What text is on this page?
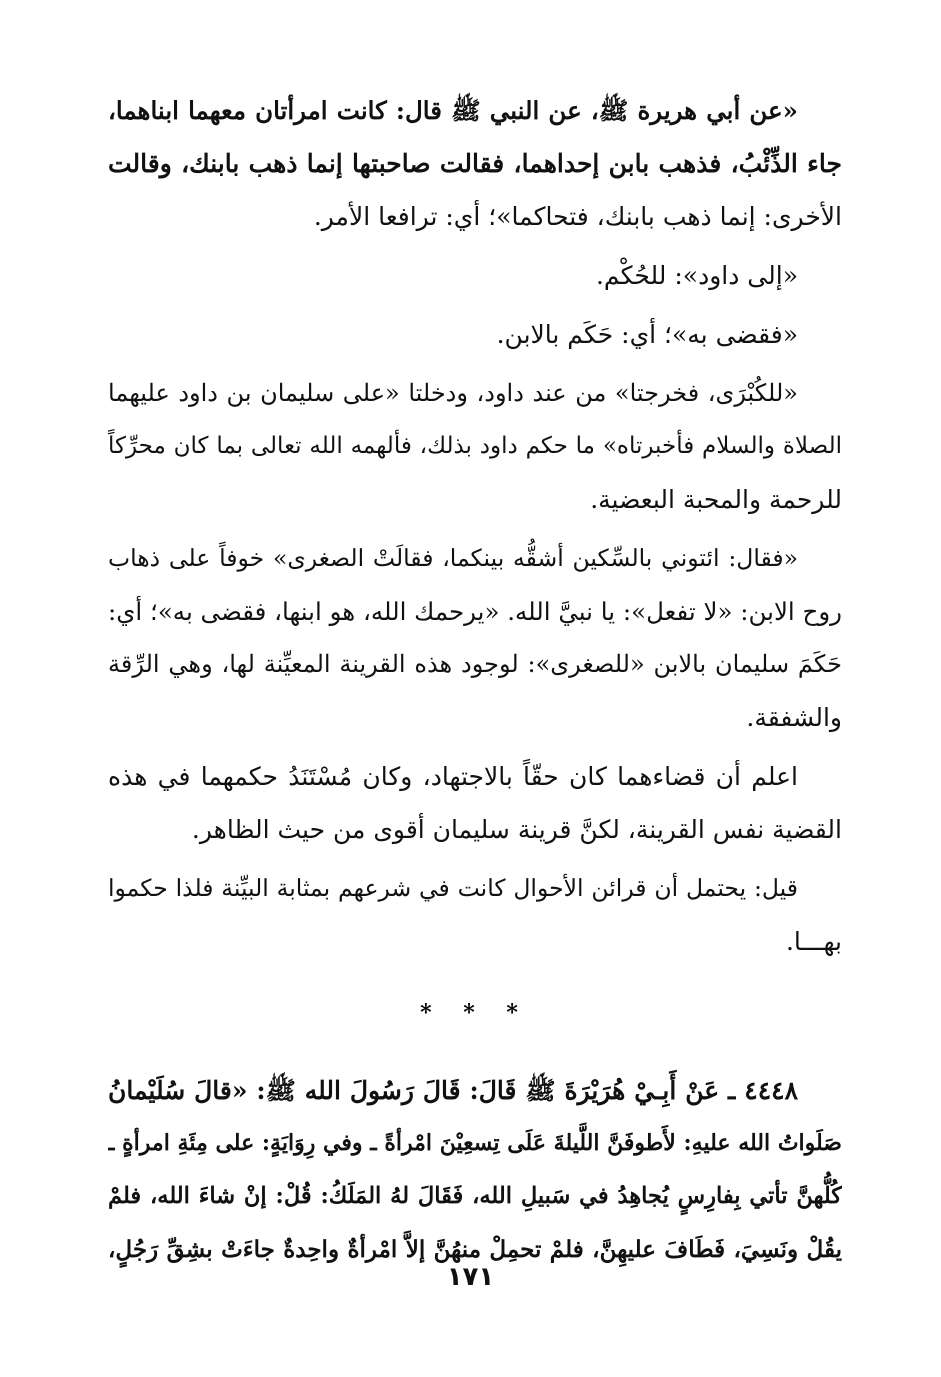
«عن أبي هريرة ﷺ، عن النبي ﷺ قال: كانت امرأتان معهما ابناهما،
جاء الذِّئْبُ، فذهب بابن إحداهما، فقالت صاحبتها إنما ذهب بابنك، وقالت
الأخرى: إنما ذهب بابنك، فتحاكما»؛ أي: ترافعا الأمر.
«إلى داود»: للحُكْم.
«فقضى به»؛ أي: حَكَم بالابن.
«للكُبْرَى، فخرجتا» من عند داود، ودخلتا «على سليمان بن داود عليهما
الصلاة والسلام فأخبرتاه» ما حكم داود بذلك، فألهمه الله تعالى بما كان محرِّكاً
للرحمة والمحبة البعضية.
«فقال: ائتوني بالسِّكين أشقُّه بينكما، فقالَتْ الصغرى» خوفاً على ذهاب
روح الابن: «لا تفعل»: يا نبيَّ الله. «يرحمك الله، هو ابنها، فقضى به»؛ أي:
حَكَمَ سليمان بالابن «للصغرى»: لوجود هذه القرينة المعيِّنة لها، وهي الرِّقة
والشفقة.
اعلم أن قضاءهما كان حقّاً بالاجتهاد، وكان مُسْتَنَدُ حكمهما في هذه
القضية نفس القرينة، لكنَّ قرينة سليمان أقوى من حيث الظاهر.
قيل: يحتمل أن قرائن الأحوال كانت في شرعهم بمثابة البيِّنة فلذا حكموا
بهـــا.
* * *
٤٤٤٨ ـ عَنْ أَبِـيْ هُرَيْرَةَ ﷺ قَالَ: قَالَ رَسُولَ الله ﷺ: «قالَ سُلَيْمانُ
صَلَواتُ الله عليهِ: لأَطوفَنَّ اللَّيلةَ عَلَى تِسعِيْنَ امْرأةً ـ وفي رِوَايَةٍ: على مِئَةِ امرأةٍ ـ
كُلُّهنَّ تأتي بِفارِسٍ يُجاهِدُ في سَبيلِ الله، فَقَالَ لهُ المَلَكُ: قُلْ: إنْ شاءَ الله، فلمْ
يقُلْ ونَسِيَ، فَطَافَ عليهِنَّ، فلمْ تحمِلْ منهُنَّ إلاَّ امْرأةٌ واحِدةٌ جاءَتْ بشِقِّ رَجُلٍ،
١٧١
